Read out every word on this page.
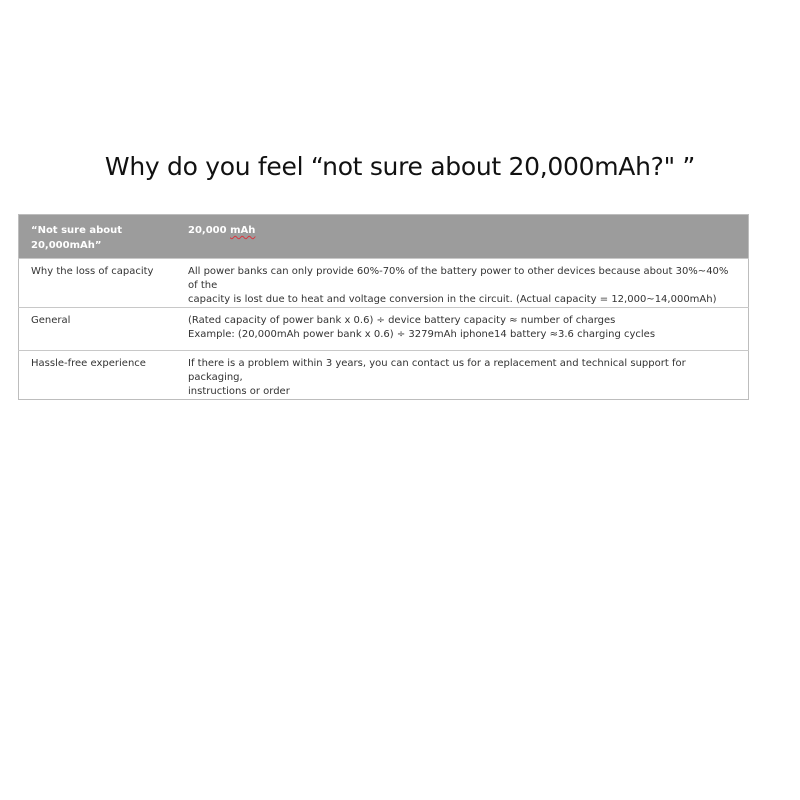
Why do you feel “not sure about 20,000mAh?" ”
“Not sure about
20,000mAh”	20,000 mAh
Why the loss of capacity	All power banks can only provide 60%-70% of the battery power to other devices because about 30%~40% of the
capacity is lost due to heat and voltage conversion in the circuit. (Actual capacity = 12,000~14,000mAh)

General	(Rated capacity of power bank x 0.6) ÷ device battery capacity ≈ number of charges
Example: (20,000mAh power bank x 0.6) ÷ 3279mAh iphone14 battery ≈3.6 charging cycles

Hassle-free experience	If there is a problem within 3 years, you can contact us for a replacement and technical support for packaging,
instructions or order
